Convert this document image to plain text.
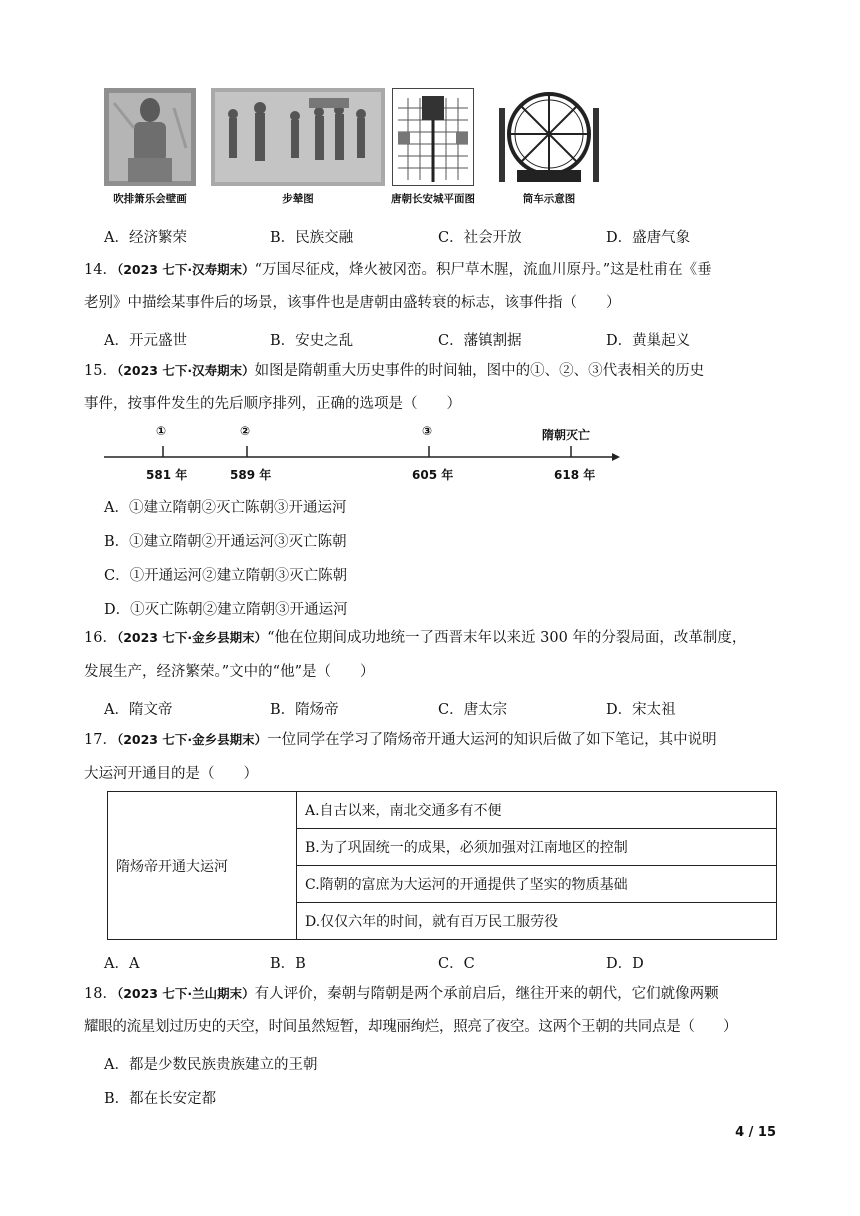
吹排箫乐会壁画	步辇图	唐朝长安城平面图	筒车示意图
A．经济繁荣	B．民族交融	C．社会开放	D．盛唐气象
14．（2023 七下·汉寿期末）“万国尽征戍，烽火被冈峦。积尸草木腥，流血川原丹。”这是杜甫在《垂
老别》中描绘某事件后的场景，该事件也是唐朝由盛转衰的标志，该事件指（　　）
A．开元盛世	B．安史之乱	C．藩镇割据	D．黄巢起义
15．（2023 七下·汉寿期末）如图是隋朝重大历史事件的时间轴，图中的①、②、③代表相关的历史
事件，按事件发生的先后顺序排列，正确的选项是（　　）
①	②	③	隋朝灭亡
581 年	589 年	605 年	618 年
A．①建立隋朝②灭亡陈朝③开通运河
B．①建立隋朝②开通运河③灭亡陈朝
C．①开通运河②建立隋朝③灭亡陈朝
D．①灭亡陈朝②建立隋朝③开通运河
16．（2023 七下·金乡县期末）“他在位期间成功地统一了西晋末年以来近 300 年的分裂局面，改革制度，
发展生产，经济繁荣。”文中的“他”是（　　）
A．隋文帝	B．隋炀帝	C．唐太宗	D．宋太祖
17．（2023 七下·金乡县期末）一位同学在学习了隋炀帝开通大运河的知识后做了如下笔记，其中说明
大运河开通目的是（　　）
隋炀帝开通大运河	A.自古以来，南北交通多有不便
B.为了巩固统一的成果，必须加强对江南地区的控制
C.隋朝的富庶为大运河的开通提供了坚实的物质基础
D.仅仅六年的时间，就有百万民工服劳役
A．A	B．B	C．C	D．D
18．（2023 七下·兰山期末）有人评价，秦朝与隋朝是两个承前启后，继往开来的朝代，它们就像两颗
耀眼的流星划过历史的天空，时间虽然短暂，却瑰丽绚烂，照亮了夜空。这两个王朝的共同点是（　　）
A．都是少数民族贵族建立的王朝
B．都在长安定都
4 / 15
